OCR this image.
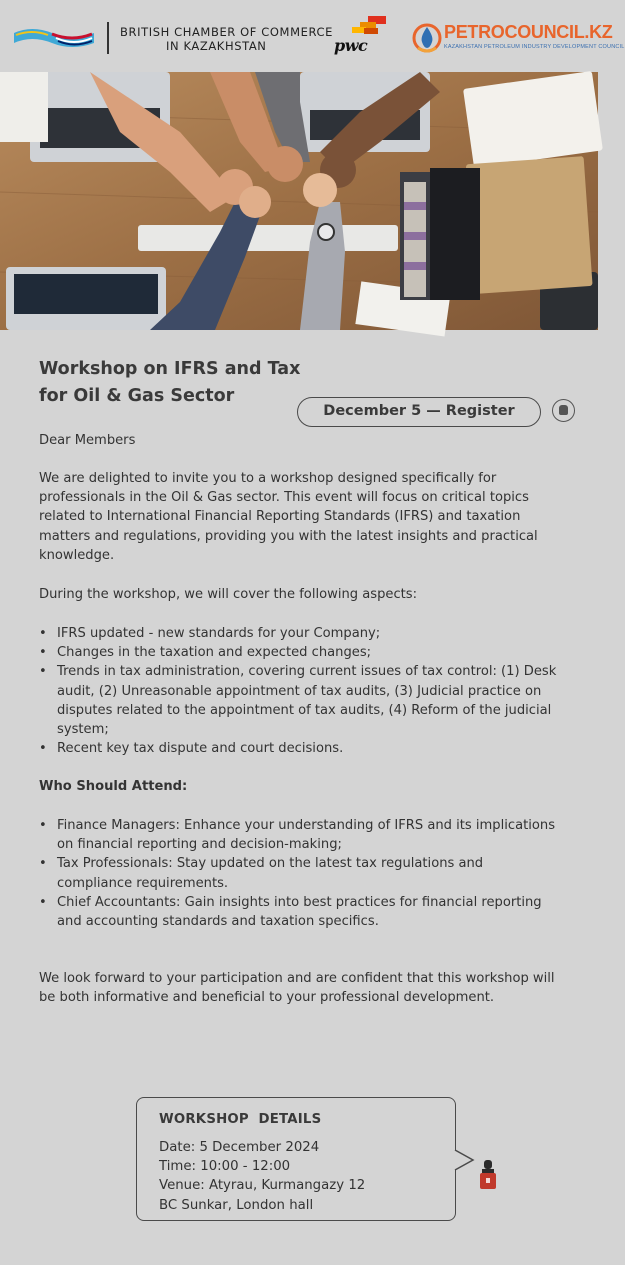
BRITISH CHAMBER OF COMMERCE
IN KAZAKHSTAN	pwc
PETROCOUNCIL.KZ
KAZAKHSTAN PETROLEUM INDUSTRY DEVELOPMENT COUNCIL
Workshop on IFRS and Tax
for Oil & Gas Sector
December 5 — Register
Dear Members
We are delighted to invite you to a workshop designed specifically for professionals in the Oil & Gas sector. This event will focus on critical topics related to International Financial Reporting Standards (IFRS) and taxation matters and regulations, providing you with the latest insights and practical knowledge.
During the workshop, we will cover the following aspects:
• IFRS updated - new standards for your Company;
• Changes in the taxation and expected changes;
• Trends in tax administration, covering current issues of tax control: (1) Desk audit, (2) Unreasonable appointment of tax audits, (3) Judicial practice on disputes related to the appointment of tax audits, (4) Reform of the judicial system;
• Recent key tax dispute and court decisions.
Who Should Attend:
• Finance Managers: Enhance your understanding of IFRS and its implications on financial reporting and decision-making;
• Tax Professionals: Stay updated on the latest tax regulations and compliance requirements.
• Chief Accountants: Gain insights into best practices for financial reporting and accounting standards and taxation specifics.
We look forward to your participation and are confident that this workshop will be both informative and beneficial to your professional development.
WORKSHOP  DETAILS
Date: 5 December 2024
Time: 10:00 - 12:00
Venue: Atyrau, Kurmangazy 12
BC Sunkar, London hall
